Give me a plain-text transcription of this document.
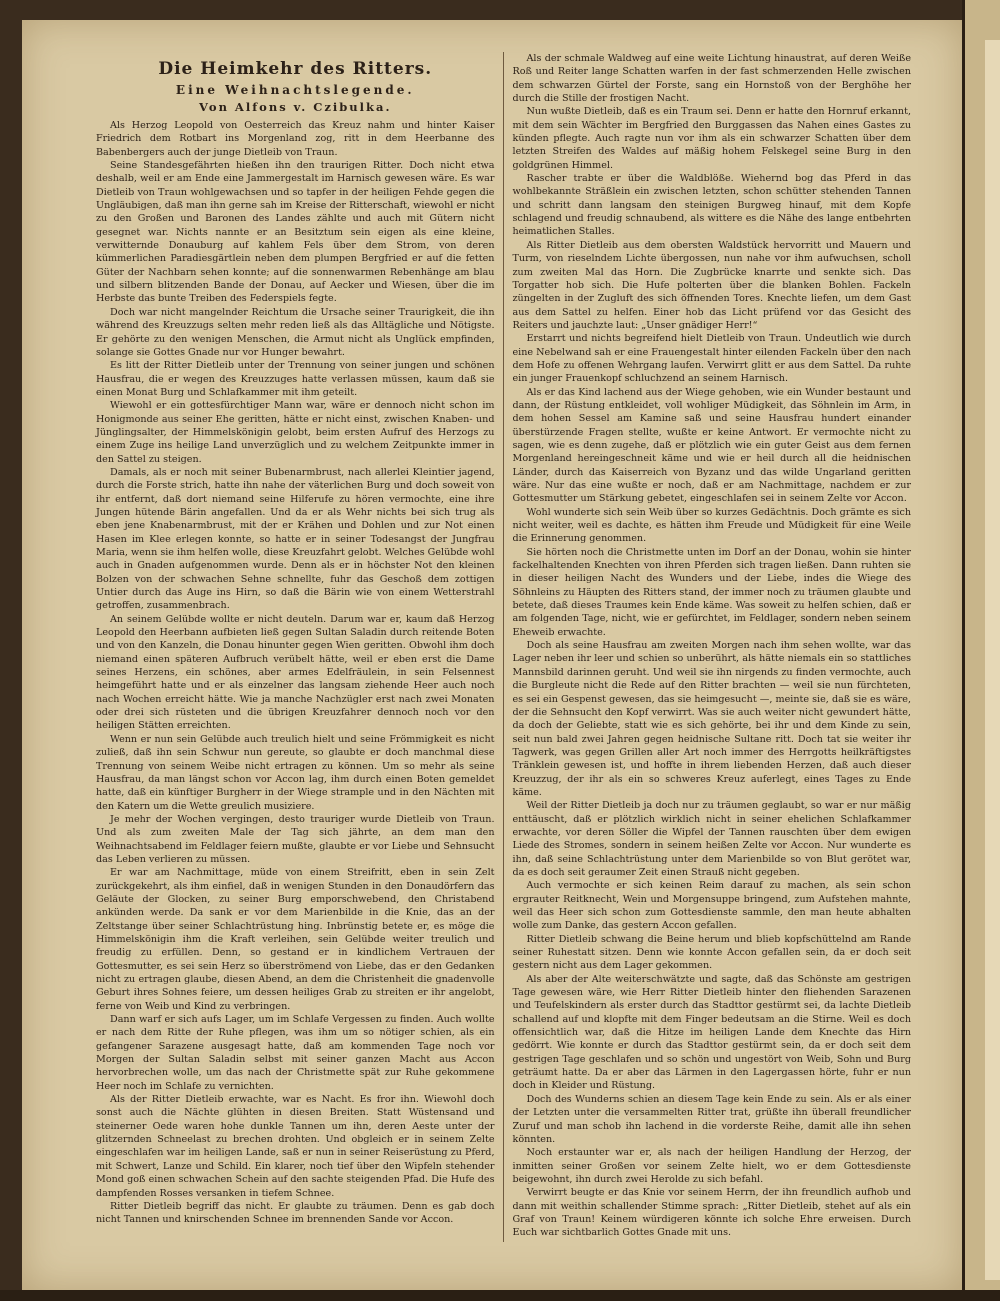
Die Heimkehr des Ritters.
Eine Weihnachtslegende.
Von Alfons v. Czibulka.

Als Herzog Leopold von Oesterreich das Kreuz nahm und hinter Kaiser Friedrich dem Rotbart ins Morgenland zog, ritt in dem Heerbanne des Babenbergers auch der junge Dietleib von Traun.

Seine Standesgefährten hießen ihn den traurigen Ritter. Doch nicht etwa deshalb, weil er am Ende eine Jammergestalt im Harnisch gewesen wäre. Es war Dietleib von Traun wohlgewachsen und so tapfer in der heiligen Fehde gegen die Ungläubigen, daß man ihn gerne sah im Kreise der Ritterschaft, wiewohl er nicht zu den Großen und Baronen des Landes zählte und auch mit Gütern nicht gesegnet war. Nichts nannte er an Besitztum sein eigen als eine kleine, verwitternde Donauburg auf kahlem Fels über dem Strom, von deren kümmerlichen Paradiesgärtlein neben dem plumpen Bergfried er auf die fetten Güter der Nachbarn sehen konnte; auf die sonnenwarmen Rebenhänge am blau und silbern blitzenden Bande der Donau, auf Aecker und Wiesen, über die im Herbste das bunte Treiben des Federspiels fegte.

Doch war nicht mangelnder Reichtum die Ursache seiner Traurigkeit, die ihn während des Kreuzzugs selten mehr reden ließ als das Alltägliche und Nötigste. Er gehörte zu den wenigen Menschen, die Armut nicht als Unglück empfinden, solange sie Gottes Gnade nur vor Hunger bewahrt.

Es litt der Ritter Dietleib unter der Trennung von seiner jungen und schönen Hausfrau, die er wegen des Kreuzzuges hatte verlassen müssen, kaum daß sie einen Monat Burg und Schlafkammer mit ihm geteilt.

Wiewohl er ein gottesfürchtiger Mann war, wäre er dennoch nicht schon im Honigmonde aus seiner Ehe geritten, hätte er nicht einst, zwischen Knaben- und Jünglingsalter, der Himmelskönigin gelobt, beim ersten Aufruf des Herzogs zu einem Zuge ins heilige Land unverzüglich und zu welchem Zeitpunkte immer in den Sattel zu steigen.

Damals, als er noch mit seiner Bubenarmbrust, nach allerlei Kleintier jagend, durch die Forste strich, hatte ihn nahe der väterlichen Burg und doch soweit von ihr entfernt, daß dort niemand seine Hilferufe zu hören vermochte, eine ihre Jungen hütende Bärin angefallen. Und da er als Wehr nichts bei sich trug als eben jene Knabenarmbrust, mit der er Krähen und Dohlen und zur Not einen Hasen im Klee erlegen konnte, so hatte er in seiner Todesangst der Jungfrau Maria, wenn sie ihm helfen wolle, diese Kreuzfahrt gelobt. Welches Gelübde wohl auch in Gnaden aufgenommen wurde. Denn als er in höchster Not den kleinen Bolzen von der schwachen Sehne schnellte, fuhr das Geschoß dem zottigen Untier durch das Auge ins Hirn, so daß die Bärin wie von einem Wetterstrahl getroffen, zusammenbrach.

An seinem Gelübde wollte er nicht deuteln. Darum war er, kaum daß Herzog Leopold den Heerbann aufbieten ließ gegen Sultan Saladin durch reitende Boten und von den Kanzeln, die Donau hinunter gegen Wien geritten. Obwohl ihm doch niemand einen späteren Aufbruch verübelt hätte, weil er eben erst die Dame seines Herzens, ein schönes, aber armes Edelfräulein, in sein Felsennest heimgeführt hatte und er als einzelner das langsam ziehende Heer auch noch nach Wochen erreicht hätte. Wie ja manche Nachzügler erst nach zwei Monaten oder drei sich rüsteten und die übrigen Kreuzfahrer dennoch noch vor den heiligen Stätten erreichten.

Wenn er nun sein Gelübde auch treulich hielt und seine Frömmigkeit es nicht zuließ, daß ihn sein Schwur nun gereute, so glaubte er doch manchmal diese Trennung von seinem Weibe nicht ertragen zu können. Um so mehr als seine Hausfrau, da man längst schon vor Accon lag, ihm durch einen Boten gemeldet hatte, daß ein künftiger Burgherr in der Wiege strample und in den Nächten mit den Katern um die Wette greulich musiziere.

Je mehr der Wochen vergingen, desto trauriger wurde Dietleib von Traun. Und als zum zweiten Male der Tag sich jährte, an dem man den Weihnachtsabend im Feldlager feiern mußte, glaubte er vor Liebe und Sehnsucht das Leben verlieren zu müssen.

Er war am Nachmittage, müde von einem Streifritt, eben in sein Zelt zurückgekehrt, als ihm einfiel, daß in wenigen Stunden in den Donaudörfern das Geläute der Glocken, zu seiner Burg emporschwebend, den Christabend ankünden werde. Da sank er vor dem Marienbilde in die Knie, das an der Zeltstange über seiner Schlachtrüstung hing. Inbrünstig betete er, es möge die Himmelskönigin ihm die Kraft verleihen, sein Gelübde weiter treulich und freudig zu erfüllen. Denn, so gestand er in kindlichem Vertrauen der Gottesmutter, es sei sein Herz so überströmend von Liebe, das er den Gedanken nicht zu ertragen glaube, diesen Abend, an dem die Christenheit die gnadenvolle Geburt ihres Sohnes feiere, um dessen heiliges Grab zu streiten er ihr angelobt, ferne von Weib und Kind zu verbringen.

Dann warf er sich aufs Lager, um im Schlafe Vergessen zu finden. Auch wollte er nach dem Ritte der Ruhe pflegen, was ihm um so nötiger schien, als ein gefangener Sarazene ausgesagt hatte, daß am kommenden Tage noch vor Morgen der Sultan Saladin selbst mit seiner ganzen Macht aus Accon hervorbrechen wolle, um das nach der Christmette spät zur Ruhe gekommene Heer noch im Schlafe zu vernichten.

Als der Ritter Dietleib erwachte, war es Nacht. Es fror ihn. Wiewohl doch sonst auch die Nächte glühten in diesen Breiten. Statt Wüstensand und steinerner Oede waren hohe dunkle Tannen um ihn, deren Aeste unter der glitzernden Schneelast zu brechen drohten. Und obgleich er in seinem Zelte eingeschlafen war im heiligen Lande, saß er nun in seiner Reiserüstung zu Pferd, mit Schwert, Lanze und Schild. Ein klarer, noch tief über den Wipfeln stehender Mond goß einen schwachen Schein auf den sachte steigenden Pfad. Die Hufe des dampfenden Rosses versanken in tiefem Schnee.

Ritter Dietleib begriff das nicht. Er glaubte zu träumen. Denn es gab doch nicht Tannen und knirschenden Schnee im brennenden Sande vor Accon.

Als der schmale Waldweg auf eine weite Lichtung hinaustrat, auf deren Weiße Roß und Reiter lange Schatten warfen in der fast schmerzenden Helle zwischen dem schwarzen Gürtel der Forste, sang ein Hornstoß von der Berghöhe her durch die Stille der frostigen Nacht.

Nun wußte Dietleib, daß es ein Traum sei. Denn er hatte den Hornruf erkannt, mit dem sein Wächter im Bergfried den Burggassen das Nahen eines Gastes zu künden pflegte. Auch ragte nun vor ihm als ein schwarzer Schatten über dem letzten Streifen des Waldes auf mäßig hohem Felskegel seine Burg in den goldgrünen Himmel.

Rascher trabte er über die Waldblöße. Wiehernd bog das Pferd in das wohlbekannte Sträßlein ein zwischen letzten, schon schütter stehenden Tannen und schritt dann langsam den steinigen Burgweg hinauf, mit dem Kopfe schlagend und freudig schnaubend, als wittere es die Nähe des lange entbehrten heimatlichen Stalles.

Als Ritter Dietleib aus dem obersten Waldstück hervorritt und Mauern und Turm, von rieselndem Lichte übergossen, nun nahe vor ihm aufwuchsen, scholl zum zweiten Mal das Horn. Die Zugbrücke knarrte und senkte sich. Das Torgatter hob sich. Die Hufe polterten über die blanken Bohlen. Fackeln züngelten in der Zugluft des sich öffnenden Tores. Knechte liefen, um dem Gast aus dem Sattel zu helfen. Einer hob das Licht prüfend vor das Gesicht des Reiters und jauchzte laut: „Unser gnädiger Herr!“

Erstarrt und nichts begreifend hielt Dietleib von Traun. Undeutlich wie durch eine Nebelwand sah er eine Frauengestalt hinter eilenden Fackeln über den nach dem Hofe zu offenen Wehrgang laufen. Verwirrt glitt er aus dem Sattel. Da ruhte ein junger Frauenkopf schluchzend an seinem Harnisch.

Als er das Kind lachend aus der Wiege gehoben, wie ein Wunder bestaunt und dann, der Rüstung entkleidet, voll wohliger Müdigkeit, das Söhnlein im Arm, in dem hohen Sessel am Kamine saß und seine Hausfrau hundert einander überstürzende Fragen stellte, wußte er keine Antwort. Er vermochte nicht zu sagen, wie es denn zugehe, daß er plötzlich wie ein guter Geist aus dem fernen Morgenland hereingeschneit käme und wie er heil durch all die heidnischen Länder, durch das Kaiserreich von Byzanz und das wilde Ungarland geritten wäre. Nur das eine wußte er noch, daß er am Nachmittage, nachdem er zur Gottesmutter um Stärkung gebetet, eingeschlafen sei in seinem Zelte vor Accon.

Wohl wunderte sich sein Weib über so kurzes Gedächtnis. Doch grämte es sich nicht weiter, weil es dachte, es hätten ihm Freude und Müdigkeit für eine Weile die Erinnerung genommen.

Sie hörten noch die Christmette unten im Dorf an der Donau, wohin sie hinter fackelhaltenden Knechten von ihren Pferden sich tragen ließen. Dann ruhten sie in dieser heiligen Nacht des Wunders und der Liebe, indes die Wiege des Söhnleins zu Häupten des Ritters stand, der immer noch zu träumen glaubte und betete, daß dieses Traumes kein Ende käme. Was soweit zu helfen schien, daß er am folgenden Tage, nicht, wie er gefürchtet, im Feldlager, sondern neben seinem Eheweib erwachte.

Doch als seine Hausfrau am zweiten Morgen nach ihm sehen wollte, war das Lager neben ihr leer und schien so unberührt, als hätte niemals ein so stattliches Mannsbild darinnen geruht. Und weil sie ihn nirgends zu finden vermochte, auch die Burgleute nicht die Rede auf den Ritter brachten — weil sie nun fürchteten, es sei ein Gespenst gewesen, das sie heimgesucht —, meinte sie, daß sie es wäre, der die Sehnsucht den Kopf verwirrt. Was sie auch weiter nicht gewundert hätte, da doch der Geliebte, statt wie es sich gehörte, bei ihr und dem Kinde zu sein, seit nun bald zwei Jahren gegen heidnische Sultane ritt. Doch tat sie weiter ihr Tagwerk, was gegen Grillen aller Art noch immer des Herrgotts heilkräftigstes Tränklein gewesen ist, und hoffte in ihrem liebenden Herzen, daß auch dieser Kreuzzug, der ihr als ein so schweres Kreuz auferlegt, eines Tages zu Ende käme.

Weil der Ritter Dietleib ja doch nur zu träumen geglaubt, so war er nur mäßig enttäuscht, daß er plötzlich wirklich nicht in seiner ehelichen Schlafkammer erwachte, vor deren Söller die Wipfel der Tannen rauschten über dem ewigen Liede des Stromes, sondern in seinem heißen Zelte vor Accon. Nur wunderte es ihn, daß seine Schlachtrüstung unter dem Marienbilde so von Blut gerötet war, da es doch seit geraumer Zeit einen Strauß nicht gegeben.

Auch vermochte er sich keinen Reim darauf zu machen, als sein schon ergrauter Reitknecht, Wein und Morgensuppe bringend, zum Aufstehen mahnte, weil das Heer sich schon zum Gottesdienste sammle, den man heute abhalten wolle zum Danke, das gestern Accon gefallen.

Ritter Dietleib schwang die Beine herum und blieb kopfschüttelnd am Rande seiner Ruhestatt sitzen. Denn wie konnte Accon gefallen sein, da er doch seit gestern nicht aus dem Lager gekommen.

Als aber der Alte weiterschwätzte und sagte, daß das Schönste am gestrigen Tage gewesen wäre, wie Herr Ritter Dietleib hinter den fliehenden Sarazenen und Teufelskindern als erster durch das Stadttor gestürmt sei, da lachte Dietleib schallend auf und klopfte mit dem Finger bedeutsam an die Stirne. Weil es doch offensichtlich war, daß die Hitze im heiligen Lande dem Knechte das Hirn gedörrt. Wie konnte er durch das Stadttor gestürmt sein, da er doch seit dem gestrigen Tage geschlafen und so schön und ungestört von Weib, Sohn und Burg geträumt hatte. Da er aber das Lärmen in den Lagergassen hörte, fuhr er nun doch in Kleider und Rüstung.

Doch des Wunderns schien an diesem Tage kein Ende zu sein. Als er als einer der Letzten unter die versammelten Ritter trat, grüßte ihn überall freundlicher Zuruf und man schob ihn lachend in die vorderste Reihe, damit alle ihn sehen könnten.

Noch erstaunter war er, als nach der heiligen Handlung der Herzog, der inmitten seiner Großen vor seinem Zelte hielt, wo er dem Gottesdienste beigewohnt, ihn durch zwei Herolde zu sich befahl.

Verwirrt beugte er das Knie vor seinem Herrn, der ihn freundlich aufhob und dann mit weithin schallender Stimme sprach: „Ritter Dietleib, stehet auf als ein Graf von Traun! Keinem würdigeren könnte ich solche Ehre erweisen. Durch Euch war sichtbarlich Gottes Gnade mit uns.
